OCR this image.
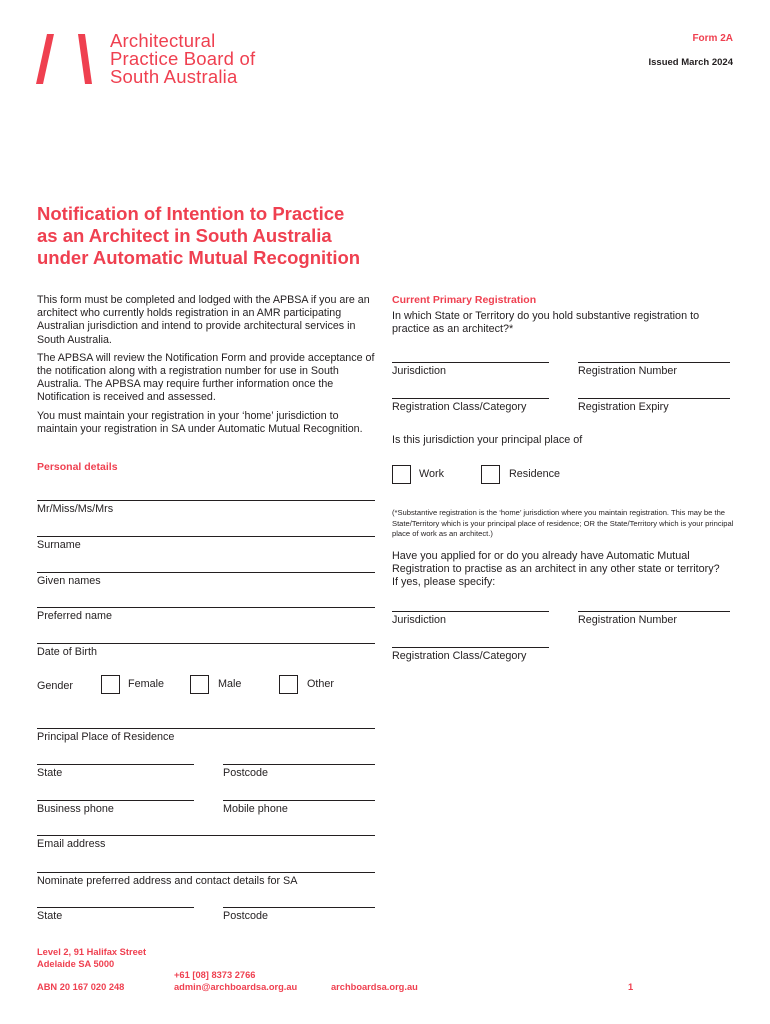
Architectural
Practice Board of
South Australia
Form 2A
Issued March 2024
Notification of Intention to Practice
as an Architect in South Australia
under Automatic Mutual Recognition

This form must be completed and lodged with the APBSA if you are an architect who currently holds registration in an AMR participating Australian jurisdiction and intend to provide architectural services in South Australia.

The APBSA will review the Notification Form and provide acceptance of the notification along with a registration number for use in South Australia. The APBSA may require further information once the Notification is received and assessed.

You must maintain your registration in your ‘home’ jurisdiction to maintain your registration in SA under Automatic Mutual Recognition.

Personal details
Mr/Miss/Ms/Mrs
Surname
Given names
Preferred name
Date of Birth
Gender	Female	Male	Other
Principal Place of Residence
State	Postcode
Business phone	Mobile phone
Email address
Nominate preferred address and contact details for SA
State	Postcode
Current Primary Registration
In which State or Territory do you hold substantive registration to practice as an architect?*
Jurisdiction	Registration Number
Registration Class/Category	Registration Expiry
Is this jurisdiction your principal place of
Work	Residence
(*Substantive registration is the ‘home’ jurisdiction where you maintain registration. This may be the State/Territory which is your principal place of residence; OR the State/Territory which is your principal place of work as an architect.)
Have you applied for or do you already have Automatic Mutual Registration to practise as an architect in any other state or territory? If yes, please specify:
Jurisdiction	Registration Number
Registration Class/Category
Level 2, 91 Halifax Street
Adelaide SA 5000
ABN 20 167 020 248
+61 [08] 8373 2766
admin@archboardsa.org.au	archboardsa.org.au	1
